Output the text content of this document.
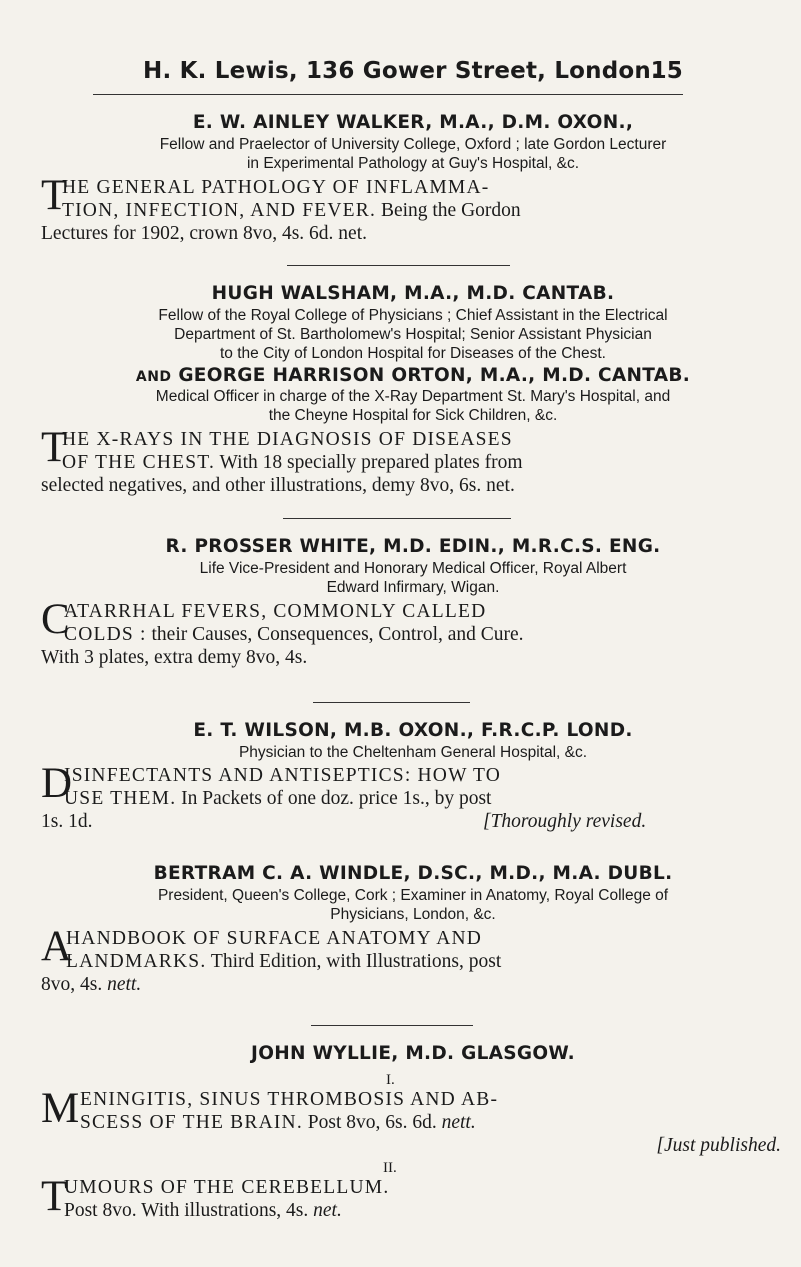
H. K. Lewis, 136 Gower Street, London.
15
E. W. AINLEY WALKER, M.A., D.M. OXON.,
Fellow and Praelector of University College, Oxford ; late Gordon Lecturer
in Experimental Pathology at Guy's Hospital, &c.
T
HE GENERAL PATHOLOGY OF INFLAMMA-
TION, INFECTION, AND FEVER. Being the Gordon
Lectures for 1902, crown 8vo, 4s. 6d. net.
HUGH WALSHAM, M.A., M.D. CANTAB.
Fellow of the Royal College of Physicians ; Chief Assistant in the Electrical
Department of St. Bartholomew's Hospital; Senior Assistant Physician
to the City of London Hospital for Diseases of the Chest.
AND GEORGE HARRISON ORTON, M.A., M.D. CANTAB.
Medical Officer in charge of the X-Ray Department St. Mary's Hospital, and
the Cheyne Hospital for Sick Children, &c.
T
HE X-RAYS IN THE DIAGNOSIS OF DISEASES
OF THE CHEST. With 18 specially prepared plates from
selected negatives, and other illustrations, demy 8vo, 6s. net.
R. PROSSER WHITE, M.D. EDIN., M.R.C.S. ENG.
Life Vice-President and Honorary Medical Officer, Royal Albert
Edward Infirmary, Wigan.
C
ATARRHAL FEVERS, COMMONLY CALLED
COLDS : their Causes, Consequences, Control, and Cure.
With 3 plates, extra demy 8vo, 4s.
E. T. WILSON, M.B. OXON., F.R.C.P. LOND.
Physician to the Cheltenham General Hospital, &c.
D
ISINFECTANTS AND ANTISEPTICS: HOW TO
USE THEM. In Packets of one doz. price 1s., by post
1s. 1d.	[Thoroughly revised.
BERTRAM C. A. WINDLE, D.SC., M.D., M.A. DUBL.
President, Queen's College, Cork ; Examiner in Anatomy, Royal College of
Physicians, London, &c.
A
HANDBOOK OF SURFACE ANATOMY AND
LANDMARKS. Third Edition, with Illustrations, post
8vo, 4s. nett.
JOHN WYLLIE, M.D. GLASGOW.
I.
M ENINGITIS, SINUS THROMBOSIS AND AB-
SCESS OF THE BRAIN. Post 8vo, 6s. 6d. nett.
[Just published.
II.
T
UMOURS OF THE CEREBELLUM.
Post 8vo. With illustrations, 4s. net.
